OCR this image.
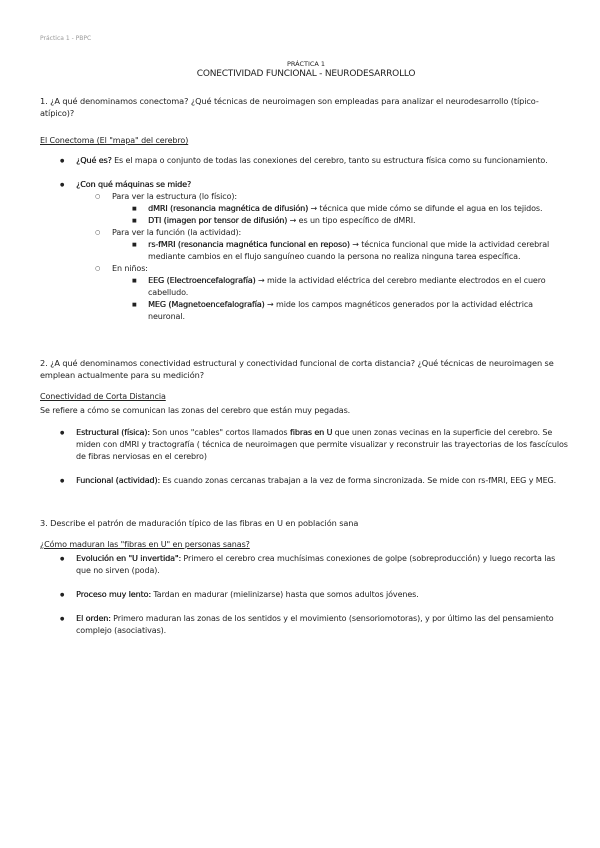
Práctica 1 - PBPC
PRÁCTICA 1
CONECTIVIDAD FUNCIONAL - NEURODESARROLLO

1. ¿A qué denominamos conectoma? ¿Qué técnicas de neuroimagen son empleadas para analizar el neurodesarrollo (típico-atípico)?

El Conectoma (El "mapa" del cerebro)

● ¿Qué es? Es el mapa o conjunto de todas las conexiones del cerebro, tanto su estructura física como su funcionamiento.
● ¿Con qué máquinas se mide?
○ Para ver la estructura (lo físico):
■ dMRI (resonancia magnética de difusión) → técnica que mide cómo se difunde el agua en los tejidos.
■ DTI (imagen por tensor de difusión) → es un tipo específico de dMRI.
○ Para ver la función (la actividad):
■ rs-fMRI (resonancia magnética funcional en reposo) → técnica funcional que mide la actividad cerebral mediante cambios en el flujo sanguíneo cuando la persona no realiza ninguna tarea específica.
○ En niños:
■ EEG (Electroencefalografía) → mide la actividad eléctrica del cerebro mediante electrodos en el cuero cabelludo.
■ MEG (Magnetoencefalografía) → mide los campos magnéticos generados por la actividad eléctrica neuronal.

2. ¿A qué denominamos conectividad estructural y conectividad funcional de corta distancia? ¿Qué técnicas de neuroimagen se emplean actualmente para su medición?

Conectividad de Corta Distancia

Se refiere a cómo se comunican las zonas del cerebro que están muy pegadas.

● Estructural (física): Son unos "cables" cortos llamados fibras en U que unen zonas vecinas en la superficie del cerebro. Se miden con dMRI y tractografía ( técnica de neuroimagen que permite visualizar y reconstruir las trayectorias de los fascículos de fibras nerviosas en el cerebro)
● Funcional (actividad): Es cuando zonas cercanas trabajan a la vez de forma sincronizada. Se mide con rs-fMRI, EEG y MEG.

3. Describe el patrón de maduración típico de las fibras en U en población sana

¿Cómo maduran las "fibras en U" en personas sanas?

● Evolución en "U invertida": Primero el cerebro crea muchísimas conexiones de golpe (sobreproducción) y luego recorta las que no sirven (poda).
● Proceso muy lento: Tardan en madurar (mielinizarse) hasta que somos adultos jóvenes.
● El orden: Primero maduran las zonas de los sentidos y el movimiento (sensoriomotoras), y por último las del pensamiento complejo (asociativas).
